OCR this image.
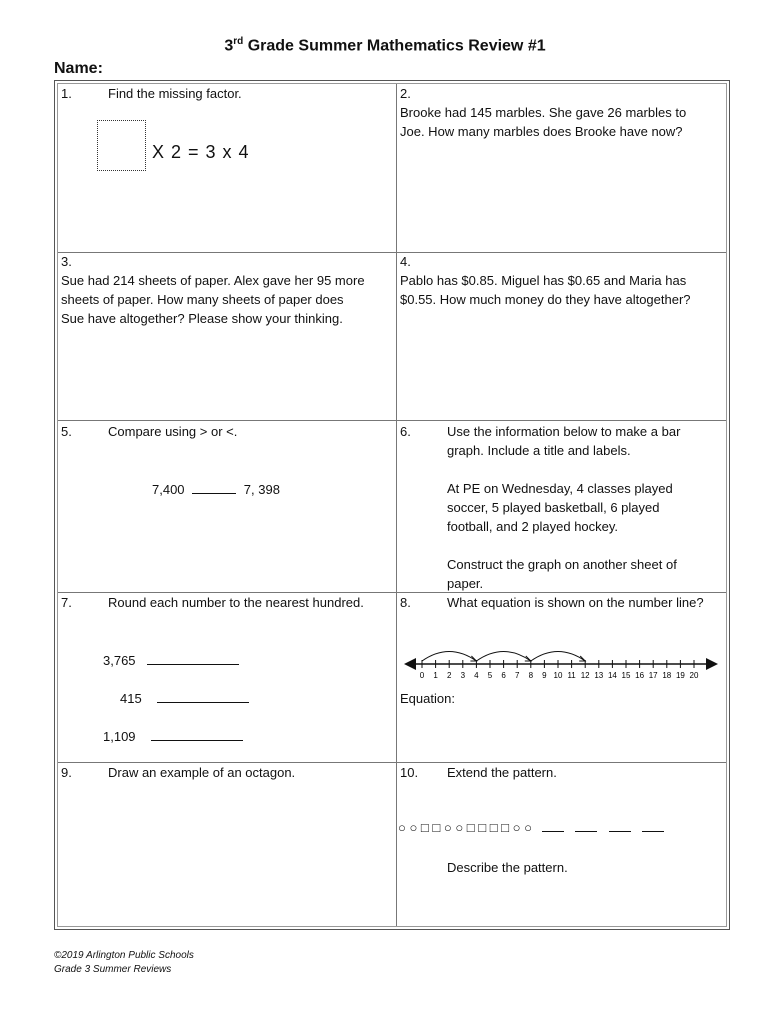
3rd Grade Summer Mathematics Review #1
Name:
1.	Find the missing factor.
X 2 = 3 x 4
2.
Brooke had 145 marbles. She gave 26 marbles to
Joe. How many marbles does Brooke have now?
3.
Sue had 214 sheets of paper. Alex gave her 95 more
sheets of paper. How many sheets of paper does
Sue have altogether? Please show your thinking.
4.
Pablo has $0.85. Miguel has $0.65 and Maria has
$0.55. How much money do they have altogether?
5.	Compare using > or <.
7,400	7, 398
6.	Use the information below to make a bar
graph. Include a title and labels.
At PE on Wednesday, 4 classes played
soccer, 5 played basketball, 6 played
football, and 2 played hockey.
Construct the graph on another sheet of
paper.
7.	Round each number to the nearest hundred.
3,765
415
1,109
8.	What equation is shown on the number line?
0 1 2 3 4 5 6 7 8 9 10 11 12 13 14 15 16 17 18 19 20
Equation:
9.	Draw an example of an octagon.	10. Extend the pattern.
○ ○ □ □ ○ ○ □ □ □ □ ○ ○
Describe the pattern.
©2019 Arlington Public Schools
Grade 3 Summer Reviews
